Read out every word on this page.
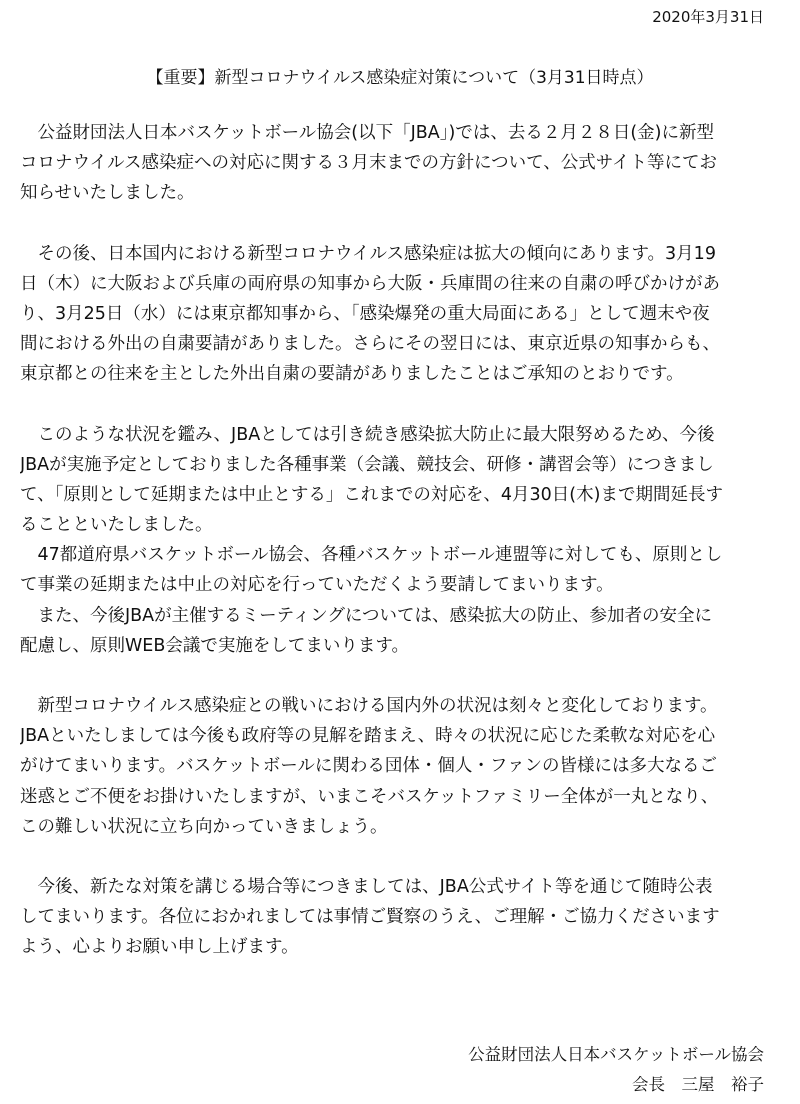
2020年3月31日
【重要】新型コロナウイルス感染症対策について（3月31日時点）
　公益財団法人日本バスケットボール協会(以下「JBA」)では、去る２月２８日(金)に新型
コロナウイルス感染症への対応に関する３月末までの方針について、公式サイト等にてお
知らせいたしました。
　その後、日本国内における新型コロナウイルス感染症は拡大の傾向にあります。3月19
日（木）に大阪および兵庫の両府県の知事から大阪・兵庫間の往来の自粛の呼びかけがあ
り、3月25日（水）には東京都知事から、「感染爆発の重大局面にある」として週末や夜
間における外出の自粛要請がありました。さらにその翌日には、東京近県の知事からも、
東京都との往来を主とした外出自粛の要請がありましたことはご承知のとおりです。
　このような状況を鑑み、JBAとしては引き続き感染拡大防止に最大限努めるため、今後
JBAが実施予定としておりました各種事業（会議、競技会、研修・講習会等）につきまし
て、「原則として延期または中止とする」これまでの対応を、4月30日(木)まで期間延長す
ることといたしました。
　47都道府県バスケットボール協会、各種バスケットボール連盟等に対しても、原則とし
て事業の延期または中止の対応を行っていただくよう要請してまいります。
　また、今後JBAが主催するミーティングについては、感染拡大の防止、参加者の安全に
配慮し、原則WEB会議で実施をしてまいります。
　新型コロナウイルス感染症との戦いにおける国内外の状況は刻々と変化しております。
JBAといたしましては今後も政府等の見解を踏まえ、時々の状況に応じた柔軟な対応を心
がけてまいります。バスケットボールに関わる団体・個人・ファンの皆様には多大なるご
迷惑とご不便をお掛けいたしますが、いまこそバスケットファミリー全体が一丸となり、
この難しい状況に立ち向かっていきましょう。
　今後、新たな対策を講じる場合等につきましては、JBA公式サイト等を通じて随時公表
してまいります。各位におかれましては事情ご賢察のうえ、ご理解・ご協力くださいます
よう、心よりお願い申し上げます。
公益財団法人日本バスケットボール協会
会長　三屋　裕子
